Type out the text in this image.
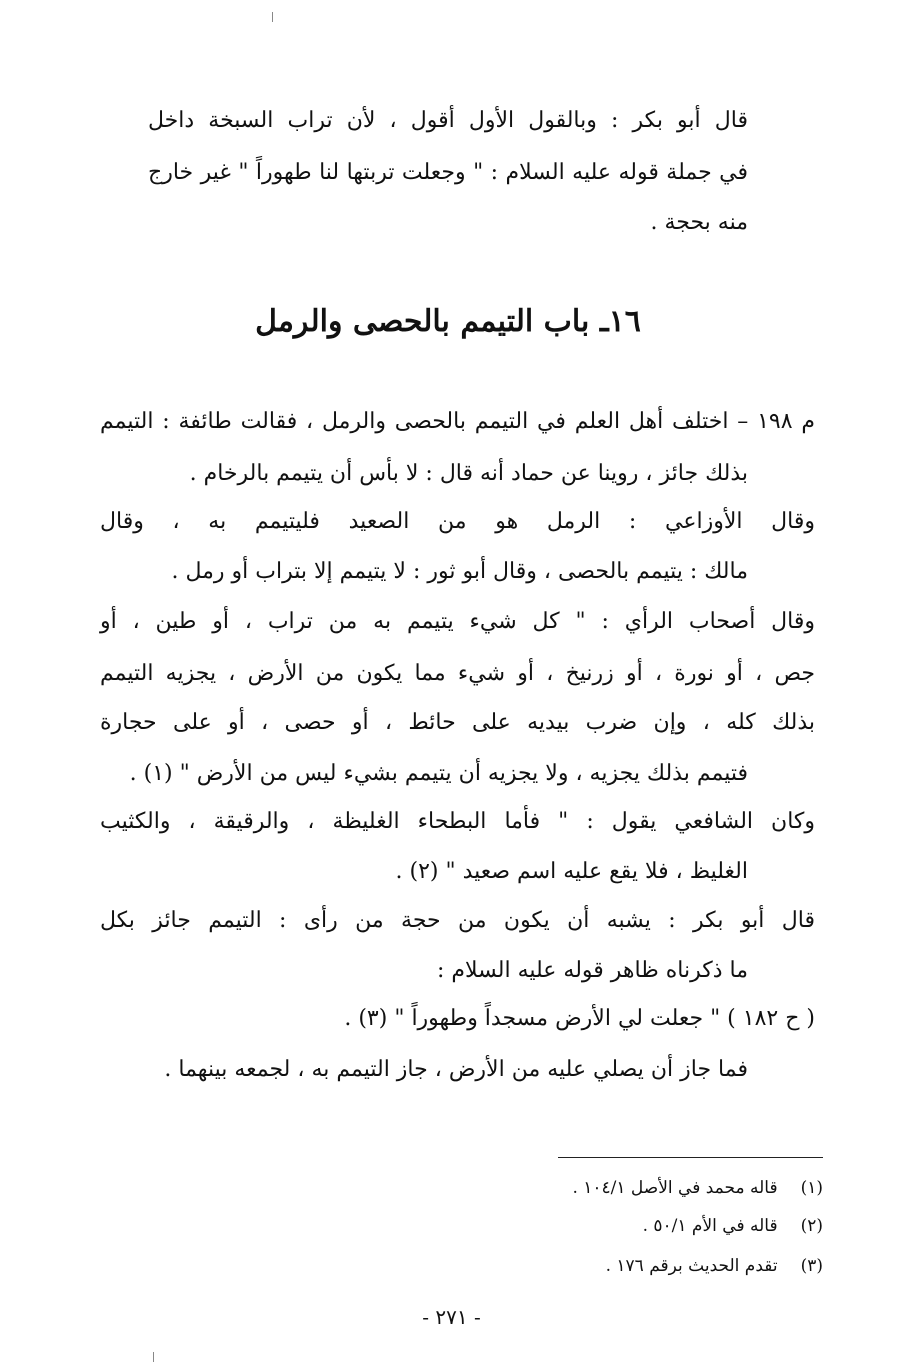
قال أبو بكر : وبالقول الأول أقول ، لأن تراب السبخة داخل
في جملة قوله عليه السلام : " وجعلت تربتها لنا طهوراً " غير خارج
منه بحجة .
١٦ـ باب التيمم بالحصى والرمل
م ١٩٨ – اختلف أهل العلم في التيمم بالحصى والرمل ، فقالت طائفة : التيمم
بذلك جائز ، روينا عن حماد أنه قال : لا بأس أن يتيمم بالرخام .
وقال الأوزاعي : الرمل هو من الصعيد فليتيمم به ، وقال
مالك : يتيمم بالحصى ، وقال أبو ثور : لا يتيمم إلا بتراب أو رمل .
وقال أصحاب الرأي : " كل شيء يتيمم به من تراب ، أو طين ، أو
جص ، أو نورة ، أو زرنيخ ، أو شيء مما يكون من الأرض ، يجزيه التيمم
بذلك كله ، وإن ضرب بيديه على حائط ، أو حصى ، أو على حجارة
فتيمم بذلك يجزيه ، ولا يجزيه أن يتيمم بشيء ليس من الأرض " (١) .
وكان الشافعي يقول : " فأما البطحاء الغليظة ، والرقيقة ، والكثيب
الغليظ ، فلا يقع عليه اسم صعيد " (٢) .
قال أبو بكر : يشبه أن يكون من حجة من رأى : التيمم جائز بكل
ما ذكرناه ظاهر قوله عليه السلام :
( ح ١٨٢ ) " جعلت لي الأرض مسجداً وطهوراً " (٣) .
فما جاز أن يصلي عليه من الأرض ، جاز التيمم به ، لجمعه بينهما .
(١) قاله محمد في الأصل ١٠٤/١ .
(٢) قاله في الأم ٥٠/١ .
(٣) تقدم الحديث برقم ١٧٦ .
- ٢٧١ -
